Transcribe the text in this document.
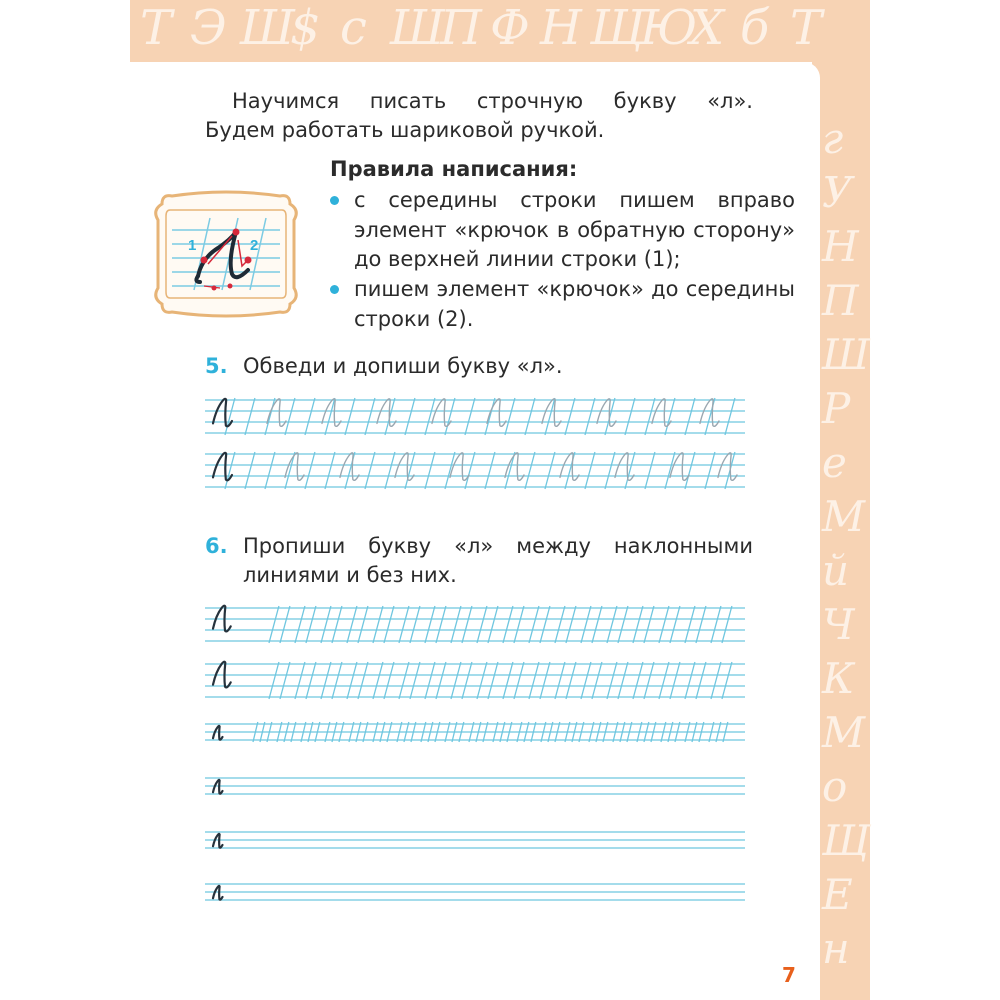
Т Э Ш
$ с Ш
П Ф Н Щ
Ю
Х б Т
г
У
Н
П
Ш
Р
е
М
й
Ч
К
М
о
Щ
Е
н
Научимся писать строчную букву «л».
Будем работать шариковой ручкой.
1	2
Правила написания:
с середины строки пишем вправо элемент «крючок в обратную сторону» до верхней линии строки (1);
пишем элемент «крючок» до середины строки (2).
5. Обведи и допиши букву «л».
6. Пропиши букву «л» между наклонными линиями и без них.
7
